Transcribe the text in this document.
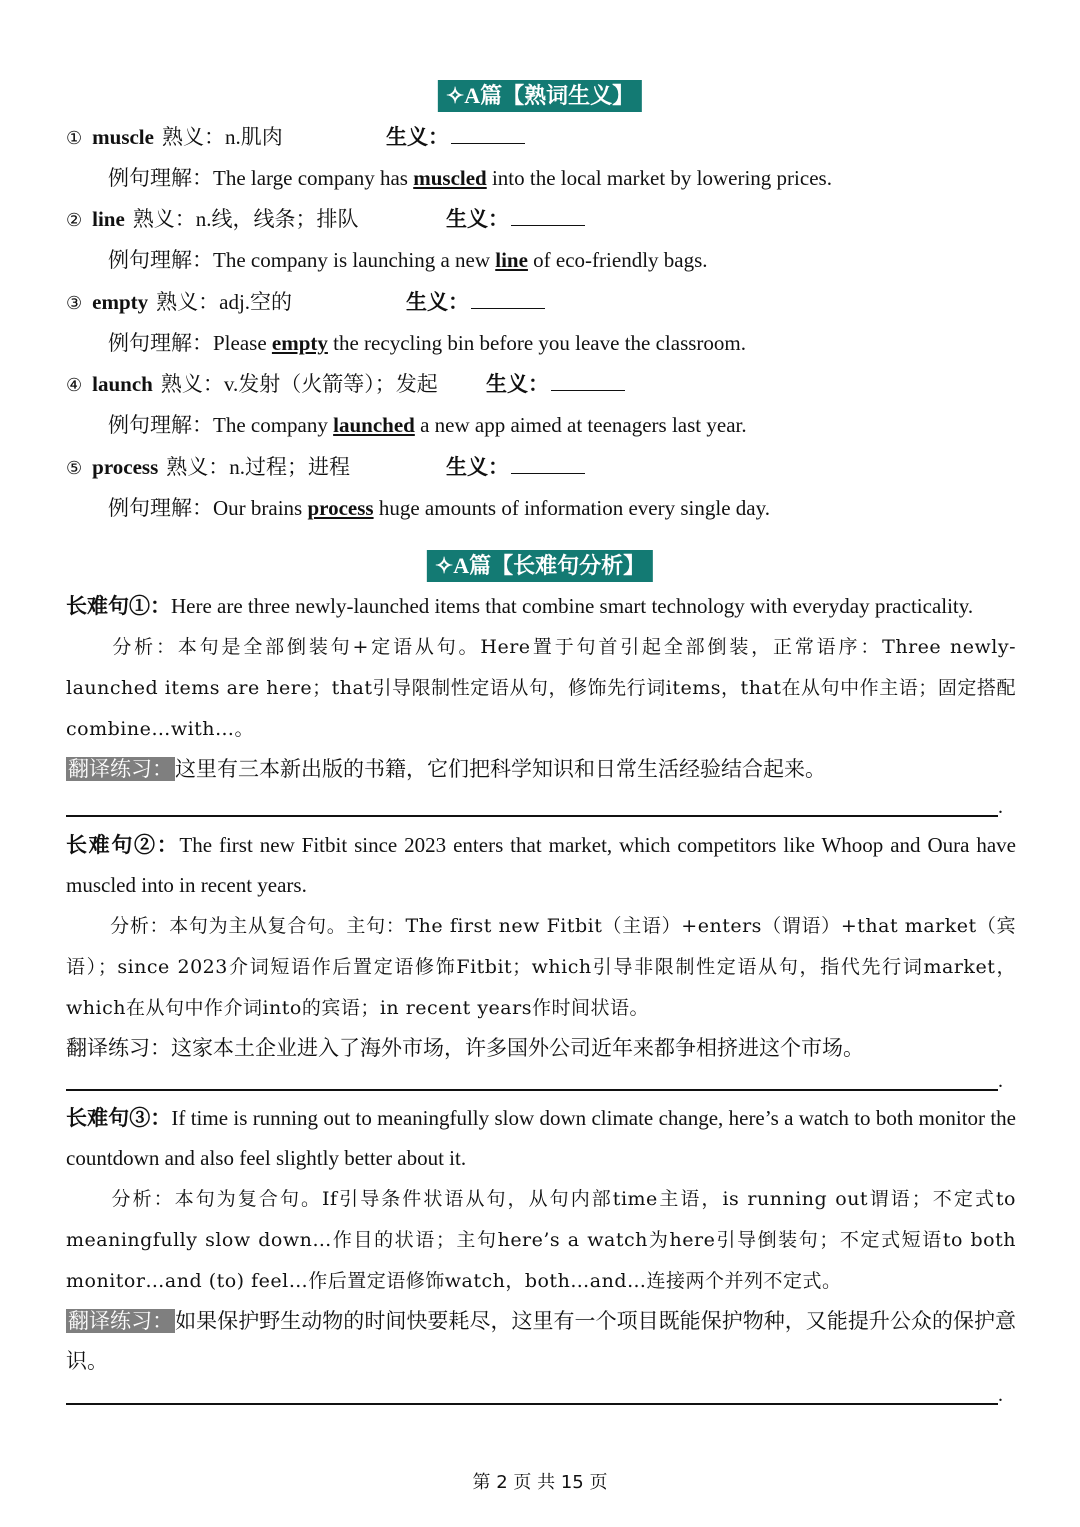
✧A篇【熟词生义】
① muscle 熟义：n.肌肉	生义：
例句理解：The large company has muscled into the local market by lowering prices.
② line 熟义：n.线，线条；排队	生义：
例句理解：The company is launching a new line of eco-friendly bags.
③ empty 熟义：adj.空的	生义：
例句理解：Please empty the recycling bin before you leave the classroom.
④ launch 熟义：v.发射（火箭等）；发起 生义：
例句理解：The company launched a new app aimed at teenagers last year.
⑤ process 熟义：n.过程；进程	生义：
例句理解：Our brains process huge amounts of information every single day.
✧A篇【长难句分析】
长难句①：Here are three newly-launched items that combine smart technology with everyday practicality.
分析：本句是全部倒装句+定语从句。Here置于句首引起全部倒装，正常语序：Three newly-launched items are here；that引导限制性定语从句，修饰先行词items，that在从句中作主语；固定搭配combine…with…。
翻译练习：这里有三本新出版的书籍，它们把科学知识和日常生活经验结合起来。
.
长难句②：The first new Fitbit since 2023 enters that market, which competitors like Whoop and Oura have muscled into in recent years.
分析：本句为主从复合句。主句：The first new Fitbit（主语）+enters（谓语）+that market（宾语）；since 2023介词短语作后置定语修饰Fitbit；which引导非限制性定语从句，指代先行词market，which在从句中作介词into的宾语；in recent years作时间状语。
翻译练习：这家本土企业进入了海外市场，许多国外公司近年来都争相挤进这个市场。
.
长难句③：If time is running out to meaningfully slow down climate change, here’s a watch to both monitor the countdown and also feel slightly better about it.
分析：本句为复合句。If引导条件状语从句，从句内部time主语，is running out谓语；不定式to meaningfully slow down…作目的状语；主句here’s a watch为here引导倒装句；不定式短语to both monitor…and (to) feel…作后置定语修饰watch，both…and…连接两个并列不定式。
翻译练习：如果保护野生动物的时间快要耗尽，这里有一个项目既能保护物种，又能提升公众的保护意识。
.
第 2 页 共 15 页
